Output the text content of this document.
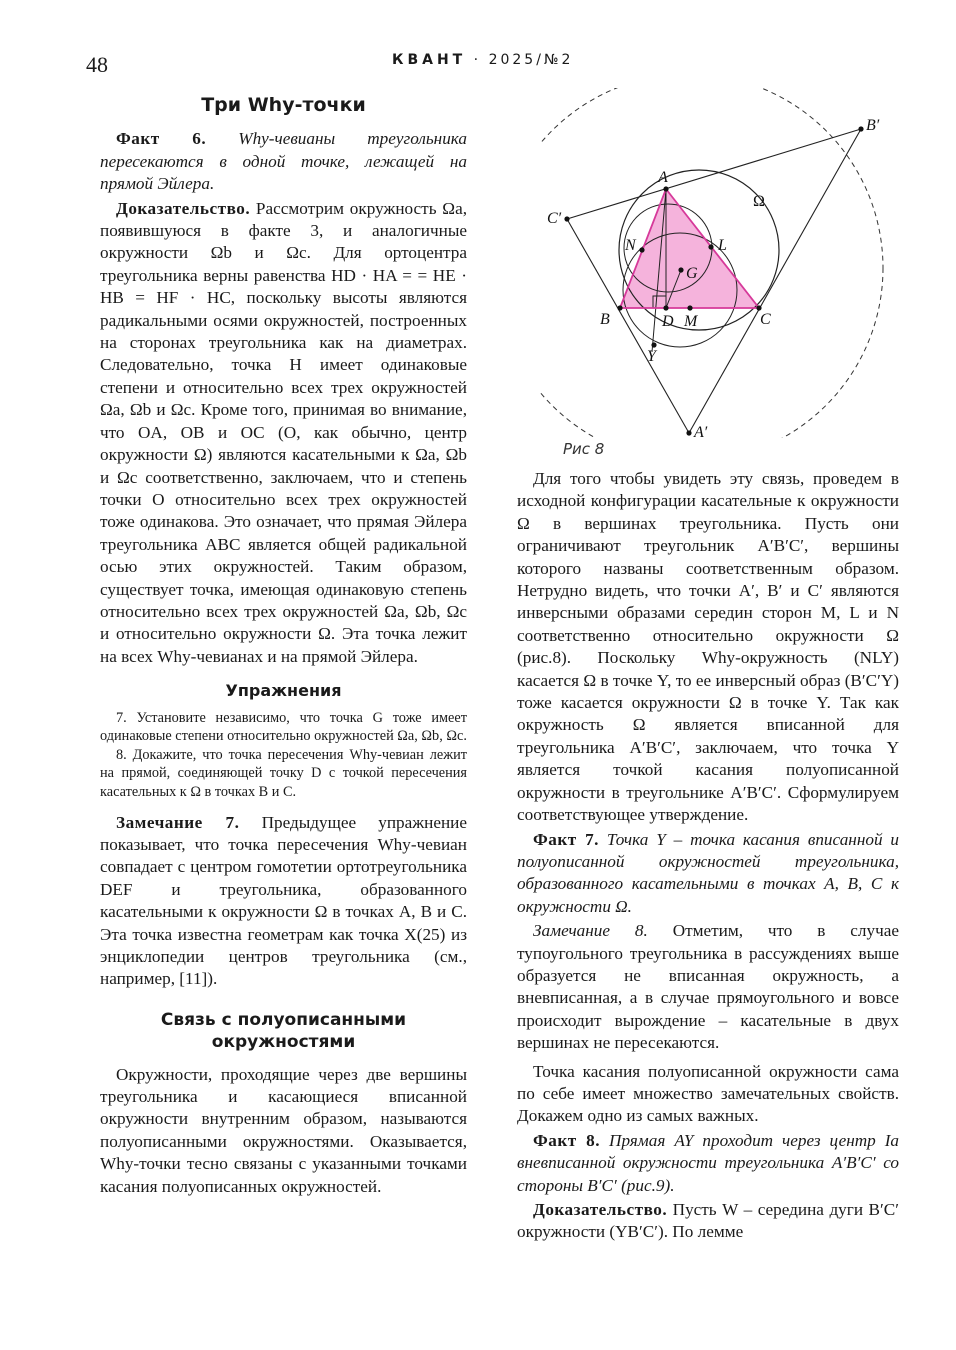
48	КВАНТ · 2025/№2
Три Why-точки

Факт 6. Why-чевианы треугольника пересекаются в одной точке, лежащей на прямой Эйлера.

Доказательство. Рассмотрим окружность Ωa, появившуюся в факте 3, и аналогичные окружности Ωb и Ωc. Для ортоцентра треугольника верны равенства HD · HA = = HE · HB = HF · HC, поскольку высоты являются радикальными осями окружностей, построенных на сторонах треугольника как на диаметрах. Следовательно, точка H имеет одинаковые степени и относительно всех трех окружностей Ωa, Ωb и Ωc. Кроме того, принимая во внимание, что OA, OB и OC (O, как обычно, центр окружности Ω) являются касательными к Ωa, Ωb и Ωc соответственно, заключаем, что и степень точки O относительно всех трех окружностей тоже одинакова. Это означает, что прямая Эйлера треугольника ABC является общей радикальной осью этих окружностей. Таким образом, существует точка, имеющая одинаковую степень относительно всех трех окружностей Ωa, Ωb, Ωc и относительно окружности Ω. Эта точка лежит на всех Why-чевианах и на прямой Эйлера.

Упражнения
7. Установите независимо, что точка G тоже имеет одинаковые степени относительно окружностей Ωa, Ωb, Ωc.
8. Докажите, что точка пересечения Why-чевиан лежит на прямой, соединяющей точку D с точкой пересечения касательных к Ω в точках B и C.

Замечание 7. Предыдущее упражнение показывает, что точка пересечения Why-чевиан совпадает с центром гомотетии ортотреугольника DEF и треугольника, образованного касательными к окружности Ω в точках A, B и C. Эта точка известна геометрам как точка X(25) из энциклопедии центров треугольника (см., например, [11]).

Связь с полуописанными
окружностями

Окружности, проходящие через две вершины треугольника и касающиеся вписанной окружности внутренним образом, называются полуописанными окружностями. Оказывается, Why-точки тесно связаны с указанными точками касания полуописанных окружностей.

A
B	C
D M
G
N	L
Y
A′
B′
C′
Ω
Рис 8

Для того чтобы увидеть эту связь, проведем в исходной конфигурации касательные к окружности Ω в вершинах треугольника. Пусть они ограничивают треугольник A′B′C′, вершины которого названы соответственным образом. Нетрудно видеть, что точки A′, B′ и C′ являются инверсными образами середин сторон M, L и N соответственно относительно окружности Ω (рис.8). Поскольку Why-окружность (NLY) касается Ω в точке Y, то ее инверсный образ (B′C′Y) тоже касается окружности Ω в точке Y. Так как окружность Ω является вписанной для треугольника A′B′C′, заключаем, что точка Y является точкой касания полуописанной окружности в треугольнике A′B′C′. Сформулируем соответствующее утверждение.

Факт 7. Точка Y – точка касания вписанной и полуописанной окружностей треугольника, образованного касательными в точках A, B, C к окружности Ω.

Замечание 8. Отметим, что в случае тупоугольного треугольника в рассуждениях выше образуется не вписанная окружность, а вневписанная, а в случае прямоугольного и вовсе происходит вырождение – касательные в двух вершинах не пересекаются.

Точка касания полуописанной окружности сама по себе имеет множество замечательных свойств. Докажем одно из самых важных.

Факт 8. Прямая AY проходит через центр Ia вневписанной окружности треугольника A′B′C′ со стороны B′C′ (рис.9).

Доказательство. Пусть W – середина дуги B′C′ окружности (YB′C′). По лемме
